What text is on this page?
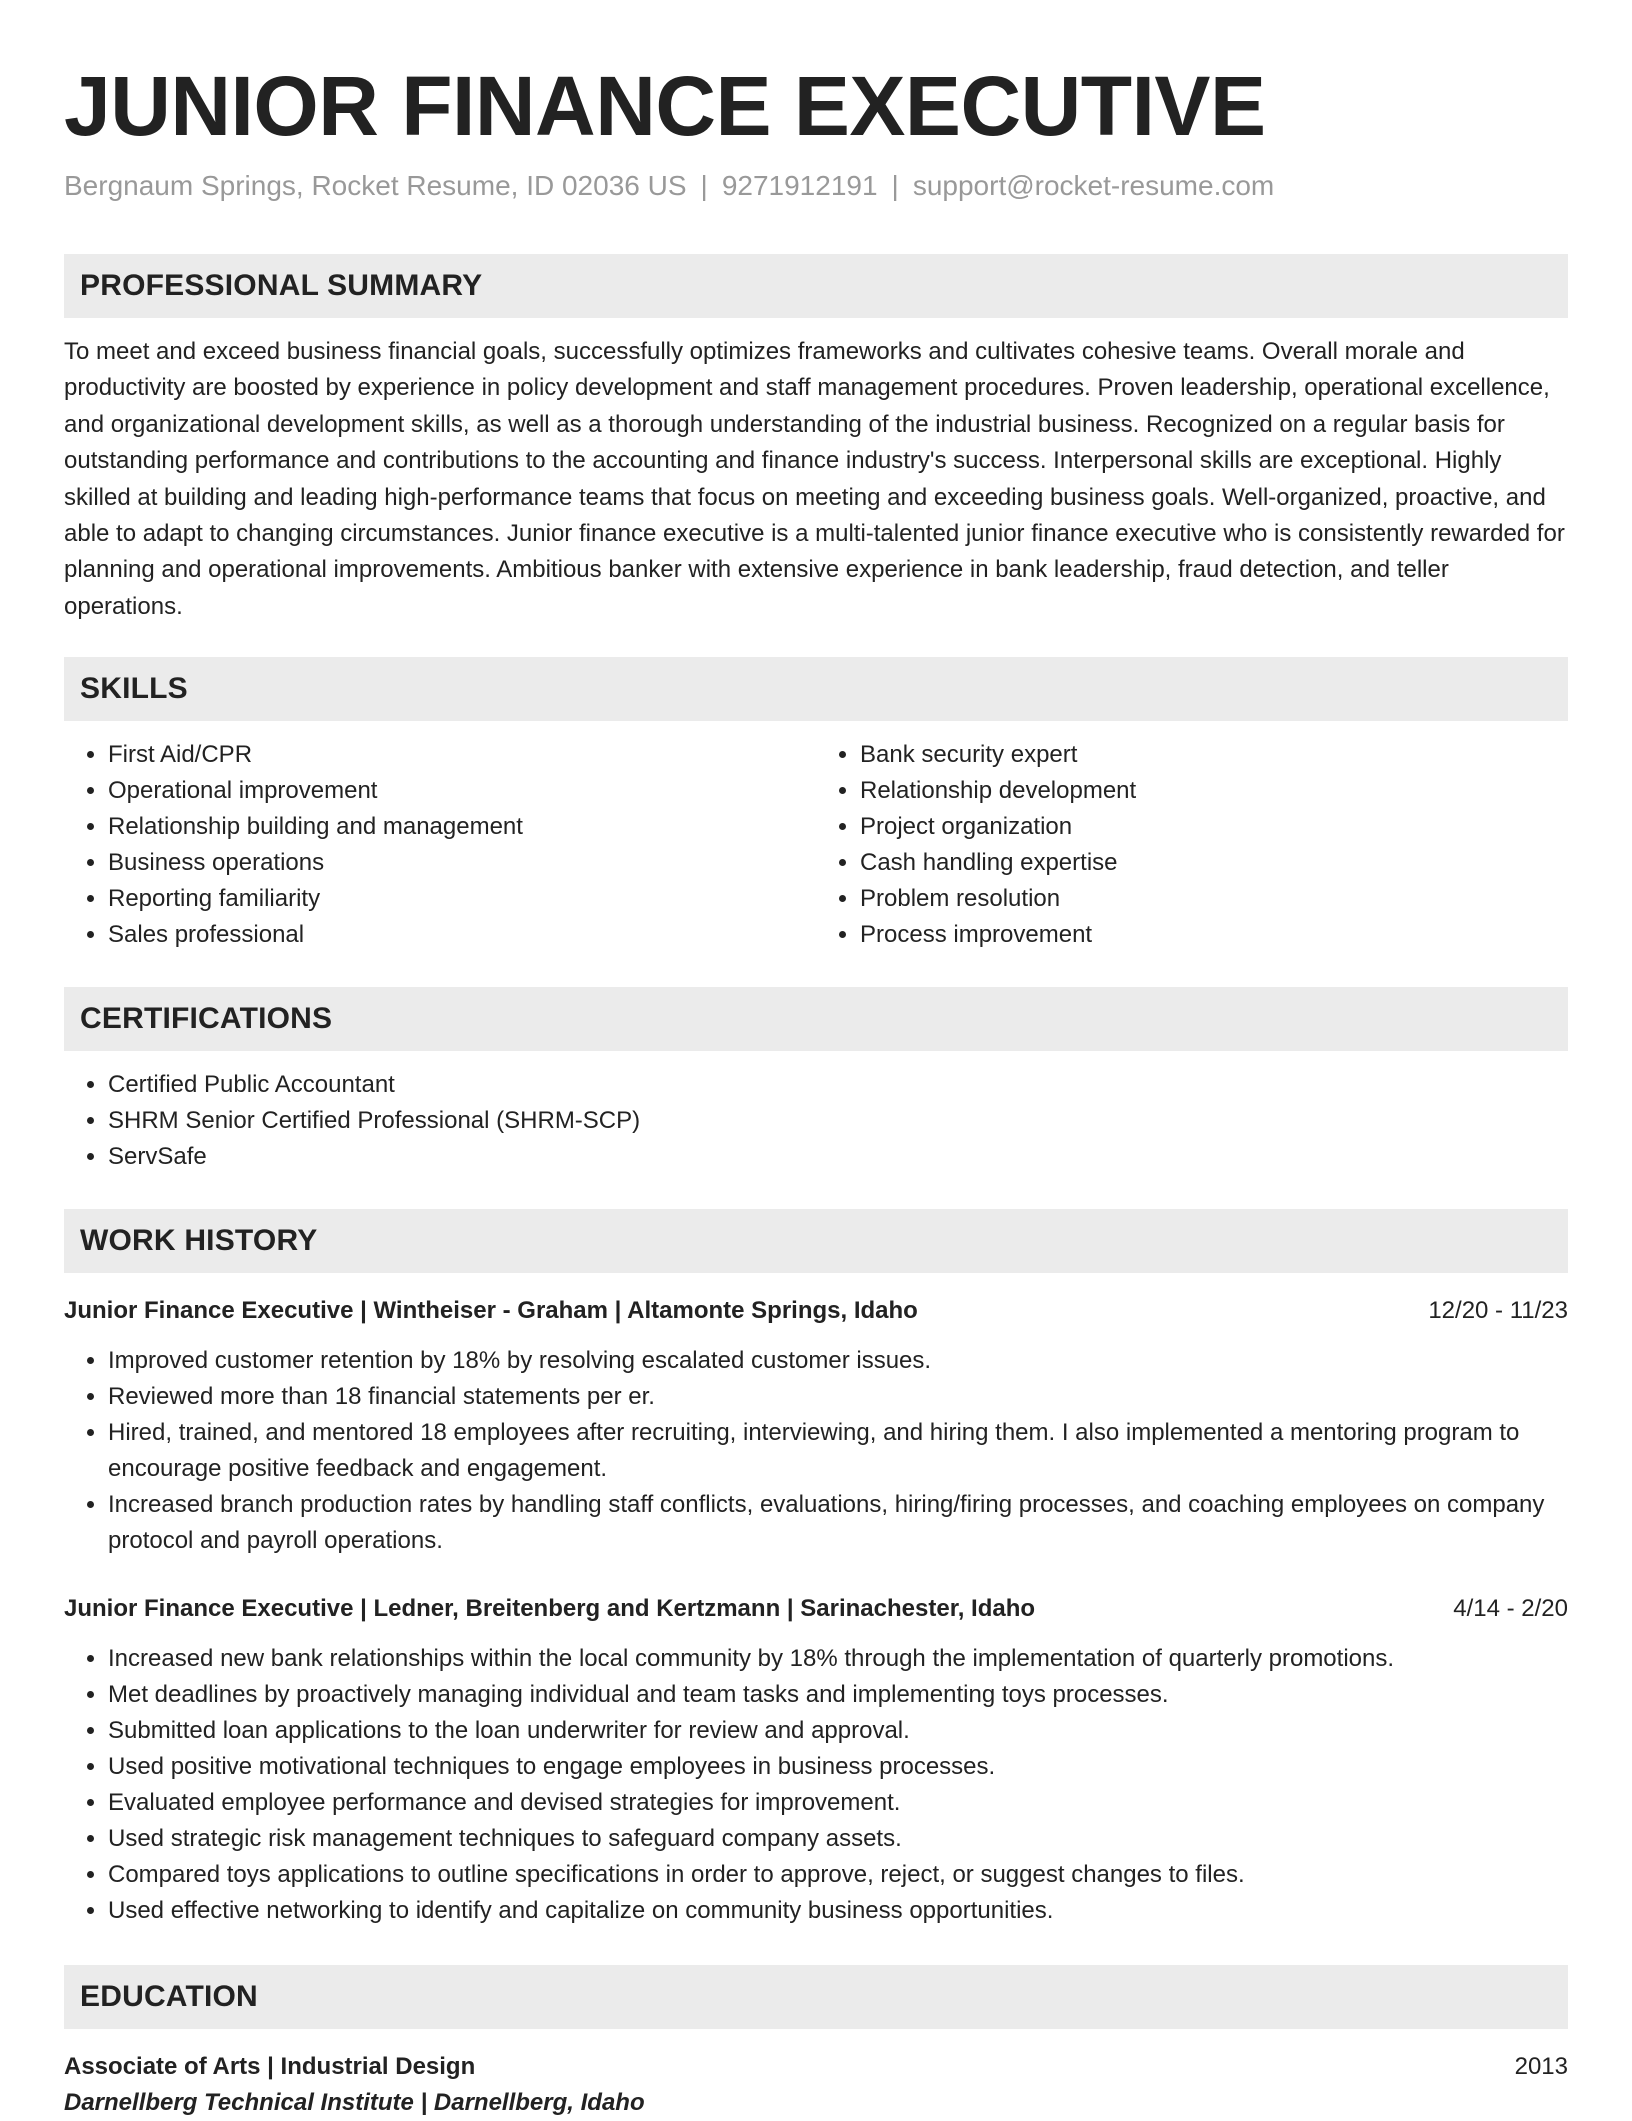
JUNIOR FINANCE EXECUTIVE
Bergnaum Springs, Rocket Resume, ID 02036 US | 9271912191 | support@rocket-resume.com
PROFESSIONAL SUMMARY

To meet and exceed business financial goals, successfully optimizes frameworks and cultivates cohesive teams. Overall morale and productivity are boosted by experience in policy development and staff management procedures. Proven leadership, operational excellence, and organizational development skills, as well as a thorough understanding of the industrial business. Recognized on a regular basis for outstanding performance and contributions to the accounting and finance industry's success. Interpersonal skills are exceptional. Highly skilled at building and leading high-performance teams that focus on meeting and exceeding business goals. Well-organized, proactive, and able to adapt to changing circumstances. Junior finance executive is a multi-talented junior finance executive who is consistently rewarded for planning and operational improvements. Ambitious banker with extensive experience in bank leadership, fraud detection, and teller operations.

SKILLS
• First Aid/CPR
• Operational improvement
• Relationship building and management
• Business operations
• Reporting familiarity
• Sales professional
• Bank security expert
• Relationship development
• Project organization
• Cash handling expertise
• Problem resolution
• Process improvement
CERTIFICATIONS
• Certified Public Accountant
• SHRM Senior Certified Professional (SHRM-SCP)
• ServSafe
WORK HISTORY
Junior Finance Executive | Wintheiser - Graham | Altamonte Springs, Idaho	12/20 - 11/23
• Improved customer retention by 18% by resolving escalated customer issues.
• Reviewed more than 18 financial statements per er.
• Hired, trained, and mentored 18 employees after recruiting, interviewing, and hiring them. I also implemented a mentoring program to encourage positive feedback and engagement.
• Increased branch production rates by handling staff conflicts, evaluations, hiring/firing processes, and coaching employees on company protocol and payroll operations.
Junior Finance Executive | Ledner, Breitenberg and Kertzmann | Sarinachester, Idaho	4/14 - 2/20
• Increased new bank relationships within the local community by 18% through the implementation of quarterly promotions.
• Met deadlines by proactively managing individual and team tasks and implementing toys processes.
• Submitted loan applications to the loan underwriter for review and approval.
• Used positive motivational techniques to engage employees in business processes.
• Evaluated employee performance and devised strategies for improvement.
• Used strategic risk management techniques to safeguard company assets.
• Compared toys applications to outline specifications in order to approve, reject, or suggest changes to files.
• Used effective networking to identify and capitalize on community business opportunities.
EDUCATION
Associate of Arts | Industrial Design	2013
Darnellberg Technical Institute | Darnellberg, Idaho
